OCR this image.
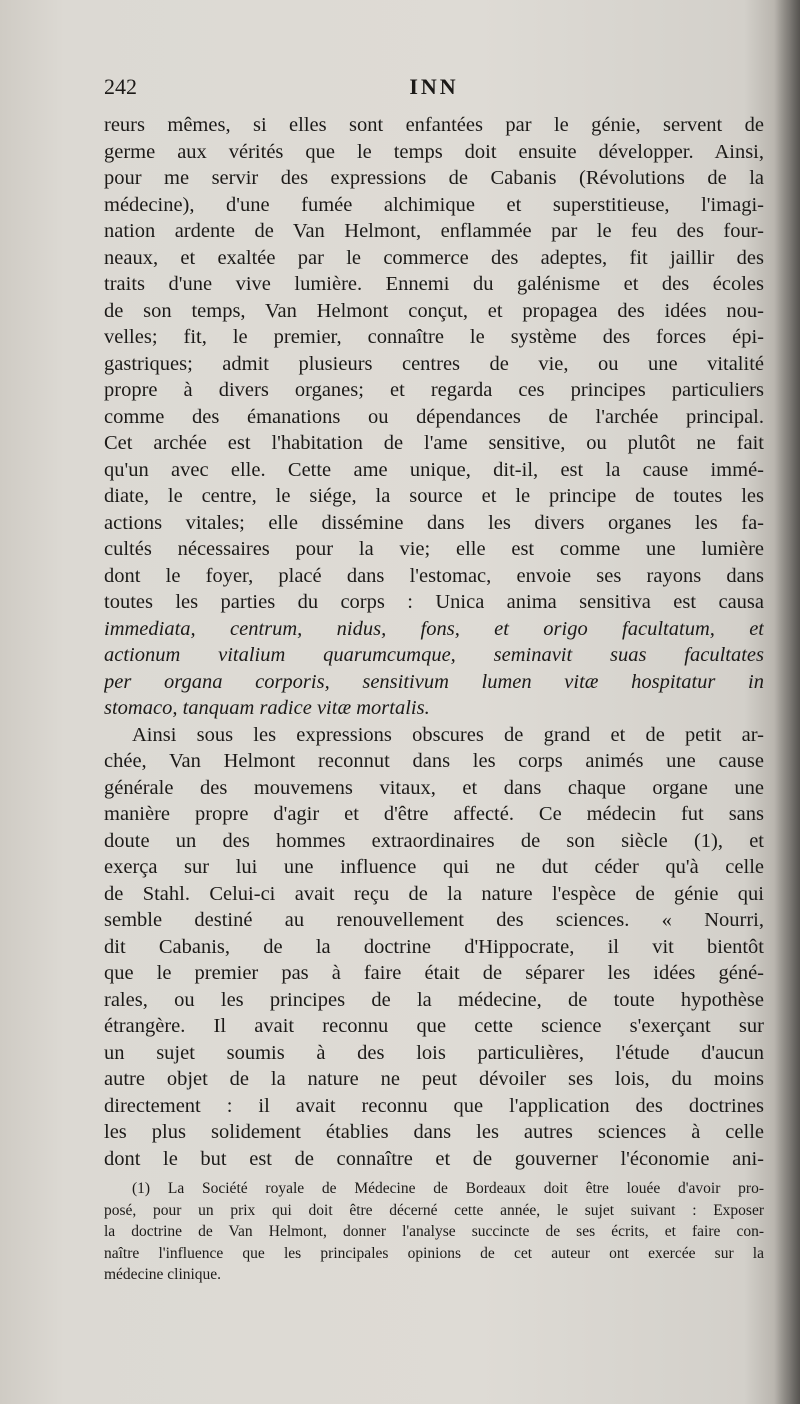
242	INN
reurs mêmes, si elles sont enfantées par le génie, servent de
germe aux vérités que le temps doit ensuite développer. Ainsi,
pour me servir des expressions de Cabanis (Révolutions de la
médecine), d'une fumée alchimique et superstitieuse, l'imagi-
nation ardente de Van Helmont, enflammée par le feu des four-
neaux, et exaltée par le commerce des adeptes, fit jaillir des
traits d'une vive lumière. Ennemi du galénisme et des écoles
de son temps, Van Helmont conçut, et propagea des idées nou-
velles; fit, le premier, connaître le système des forces épi-
gastriques; admit plusieurs centres de vie, ou une vitalité
propre à divers organes; et regarda ces principes particuliers
comme des émanations ou dépendances de l'archée principal.
Cet archée est l'habitation de l'ame sensitive, ou plutôt ne fait
qu'un avec elle. Cette ame unique, dit-il, est la cause immé-
diate, le centre, le siége, la source et le principe de toutes les
actions vitales; elle dissémine dans les divers organes les fa-
cultés nécessaires pour la vie; elle est comme une lumière
dont le foyer, placé dans l'estomac, envoie ses rayons dans
toutes les parties du corps : Unica anima sensitiva est causa
immediata, centrum, nidus, fons, et origo facultatum, et
actionum vitalium quarumcumque, seminavit suas facultates
per organa corporis, sensitivum lumen vitæ hospitatur in
stomaco, tanquam radice vitæ mortalis.
Ainsi sous les expressions obscures de grand et de petit ar-
chée, Van Helmont reconnut dans les corps animés une cause
générale des mouvemens vitaux, et dans chaque organe une
manière propre d'agir et d'être affecté. Ce médecin fut sans
doute un des hommes extraordinaires de son siècle (1), et
exerça sur lui une influence qui ne dut céder qu'à celle
de Stahl. Celui-ci avait reçu de la nature l'espèce de génie qui
semble destiné au renouvellement des sciences. « Nourri,
dit Cabanis, de la doctrine d'Hippocrate, il vit bientôt
que le premier pas à faire était de séparer les idées géné-
rales, ou les principes de la médecine, de toute hypothèse
étrangère. Il avait reconnu que cette science s'exerçant sur
un sujet soumis à des lois particulières, l'étude d'aucun
autre objet de la nature ne peut dévoiler ses lois, du moins
directement : il avait reconnu que l'application des doctrines
les plus solidement établies dans les autres sciences à celle
dont le but est de connaître et de gouverner l'économie ani-
(1) La Société royale de Médecine de Bordeaux doit être louée d'avoir pro-
posé, pour un prix qui doit être décerné cette année, le sujet suivant : Exposer
la doctrine de Van Helmont, donner l'analyse succincte de ses écrits, et faire con-
naître l'influence que les principales opinions de cet auteur ont exercée sur la
médecine clinique.
